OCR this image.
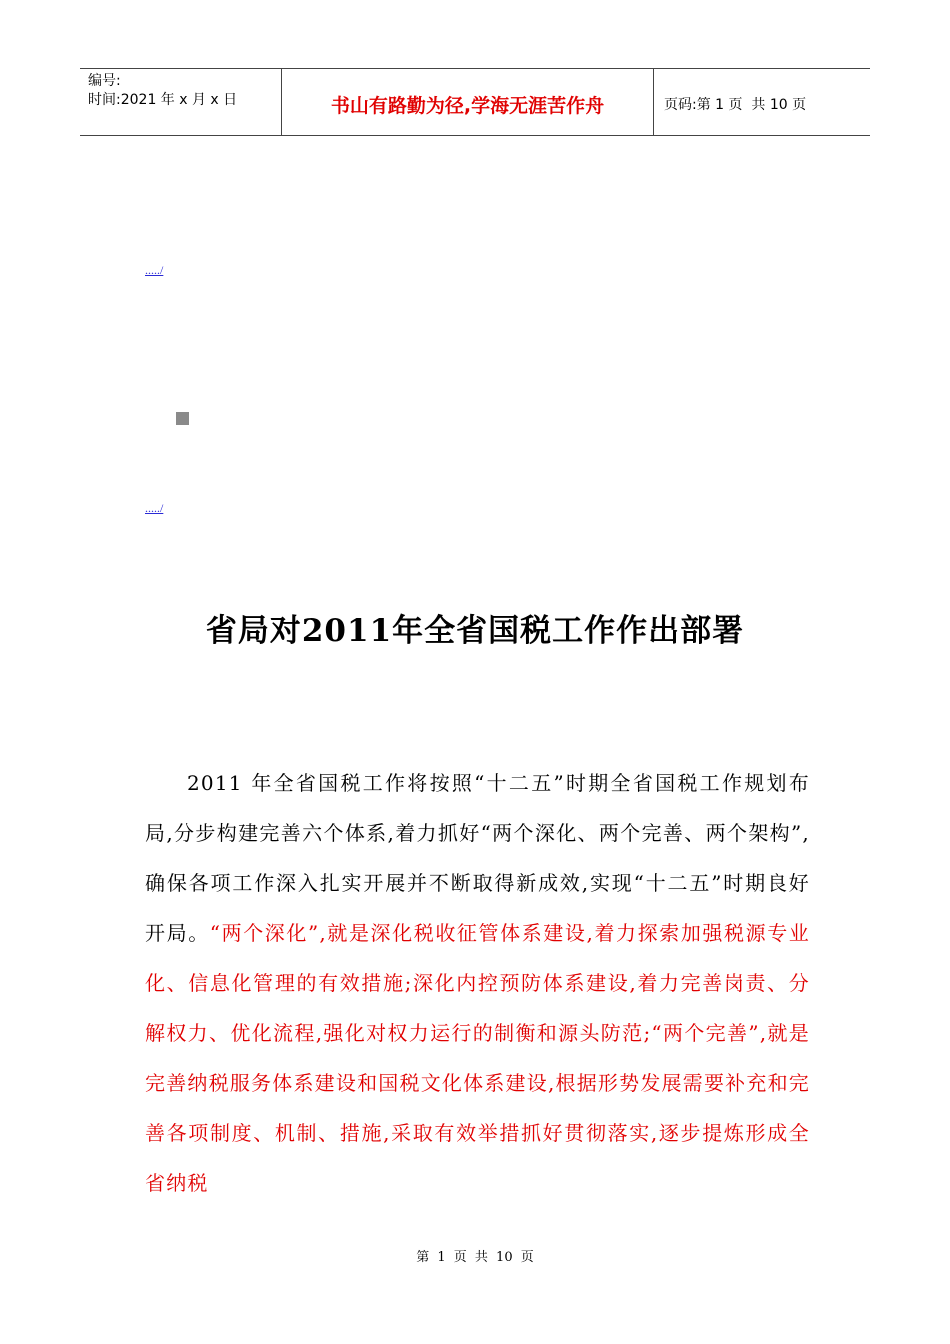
编号:
时间:2021 年 x 月 x 日	书山有路勤为径,学海无涯苦作舟	页码:第 1 页  共 10 页
...../
...../
省局对2011年全省国税工作作出部署

2011 年全省国税工作将按照“十二五”时期全省国税工作规划布局,分步构建完善六个体系,着力抓好“两个深化、两个完善、两个架构”,确保各项工作深入扎实开展并不断取得新成效,实现“十二五”时期良好开局。“两个深化”,就是深化税收征管体系建设,着力探索加强税源专业化、信息化管理的有效措施;深化内控预防体系建设,着力完善岗责、分解权力、优化流程,强化对权力运行的制衡和源头防范;“两个完善”,就是完善纳税服务体系建设和国税文化体系建设,根据形势发展需要补充和完善各项制度、机制、措施,采取有效举措抓好贯彻落实,逐步提炼形成全省纳税

第 1 页 共 10 页
